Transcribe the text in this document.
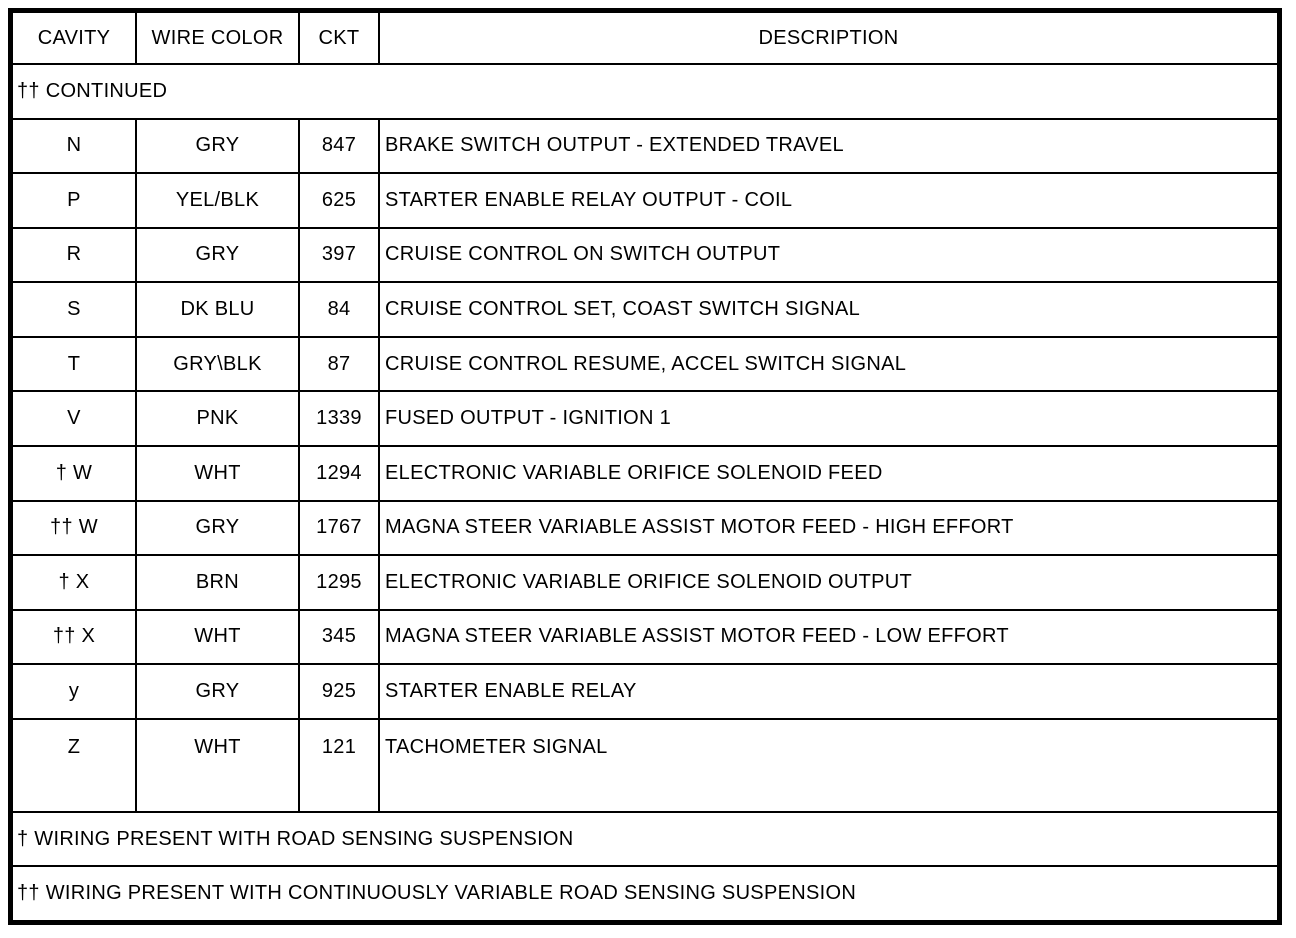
CAVITY	WIRE COLOR	CKT	DESCRIPTION
†† CONTINUED			
N	GRY	847	BRAKE SWITCH OUTPUT - EXTENDED TRAVEL
P	YEL/BLK	625	STARTER ENABLE RELAY OUTPUT - COIL
R	GRY	397	CRUISE CONTROL ON SWITCH OUTPUT
S	DK BLU	84	CRUISE CONTROL SET, COAST SWITCH SIGNAL
T	GRY\BLK	87	CRUISE CONTROL RESUME, ACCEL SWITCH SIGNAL
V	PNK	1339	FUSED OUTPUT - IGNITION 1
† W	WHT	1294	ELECTRONIC VARIABLE ORIFICE SOLENOID FEED
†† W	GRY	1767	MAGNA STEER VARIABLE ASSIST MOTOR FEED - HIGH EFFORT
† X	BRN	1295	ELECTRONIC VARIABLE ORIFICE SOLENOID OUTPUT
†† X	WHT	345	MAGNA STEER VARIABLE ASSIST MOTOR FEED - LOW EFFORT
y	GRY	925	STARTER ENABLE RELAY
Z	WHT	121	TACHOMETER SIGNAL
† WIRING PRESENT WITH ROAD SENSING SUSPENSION			
†† WIRING PRESENT WITH CONTINUOUSLY VARIABLE ROAD SENSING SUSPENSION			
